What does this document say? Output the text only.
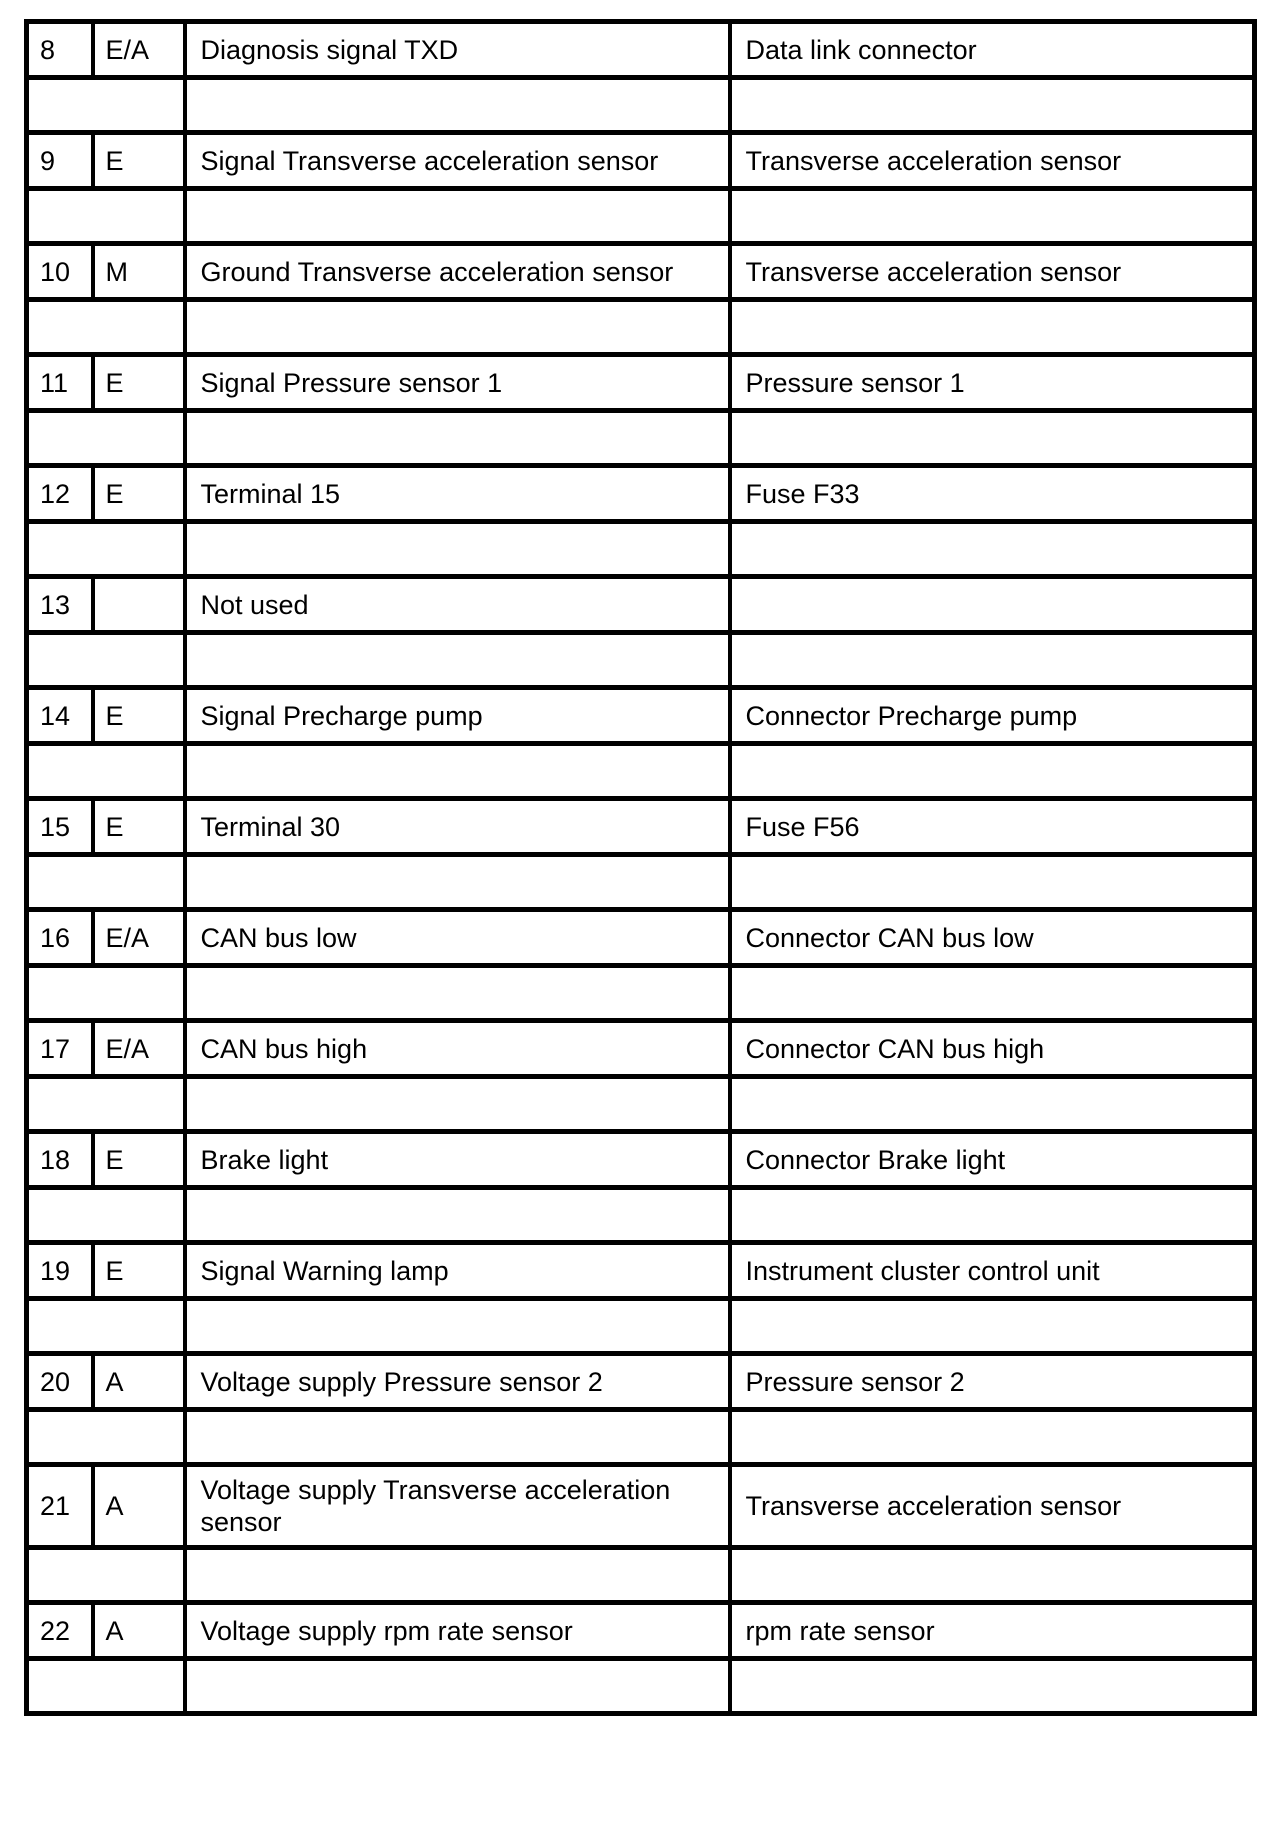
8	E/A	Diagnosis signal TXD	Data link connector

9	E	Signal Transverse acceleration sensor	Transverse acceleration sensor

10	M	Ground Transverse acceleration sensor	Transverse acceleration sensor

11	E	Signal Pressure sensor 1	Pressure sensor 1

12	E	Terminal 15	Fuse F33

13		Not used	

14	E	Signal Precharge pump	Connector Precharge pump

15	E	Terminal 30	Fuse F56

16	E/A	CAN bus low	Connector CAN bus low

17	E/A	CAN bus high	Connector CAN bus high

18	E	Brake light	Connector Brake light

19	E	Signal Warning lamp	Instrument cluster control unit

20	A	Voltage supply Pressure sensor 2	Pressure sensor 2

21	A	Voltage supply Transverse acceleration sensor	Transverse acceleration sensor

22	A	Voltage supply rpm rate sensor	rpm rate sensor
